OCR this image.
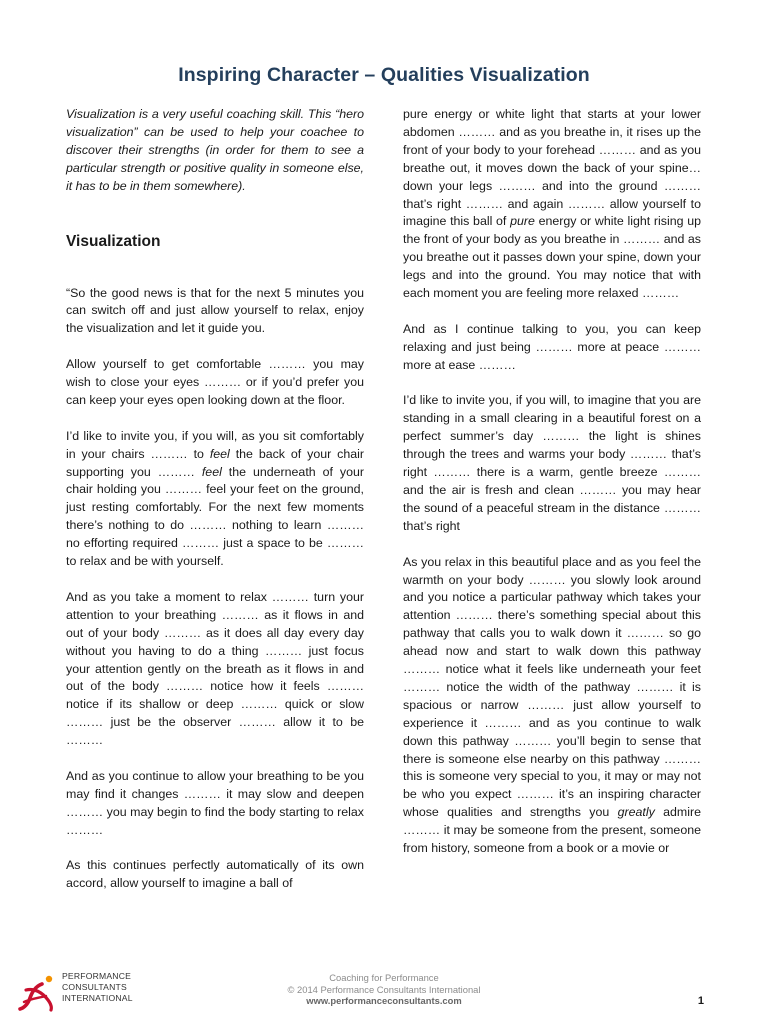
Inspiring Character – Qualities Visualization

Visualization is a very useful coaching skill. This “hero visualization” can be used to help your coachee to discover their strengths (in order for them to see a particular strength or positive quality in someone else, it has to be in them somewhere).

Visualization

“So the good news is that for the next 5 minutes you can switch off and just allow yourself to relax, enjoy the visualization and let it guide you.

Allow yourself to get comfortable ……… you may wish to close your eyes ……… or if you’d prefer you can keep your eyes open looking down at the floor.

I’d like to invite you, if you will, as you sit comfortably in your chairs ……… to feel the back of your chair supporting you ……… feel the underneath of your chair holding you ……… feel your feet on the ground, just resting comfortably. For the next few moments there’s nothing to do ……… nothing to learn ……… no efforting required ……… just a space to be ……… to relax and be with yourself.

And as you take a moment to relax ……… turn your attention to your breathing ……… as it flows in and out of your body ……… as it does all day every day without you having to do a thing ……… just focus your attention gently on the breath as it flows in and out of the body ……… notice how it feels ……… notice if its shallow or deep ……… quick or slow ……… just be the observer ……… allow it to be ………

And as you continue to allow your breathing to be you may find it changes ……… it may slow and deepen ……… you may begin to find the body starting to relax ………

As this continues perfectly automatically of its own accord, allow yourself to imagine a ball of

pure energy or white light that starts at your lower abdomen ……… and as you breathe in, it rises up the front of your body to your forehead ……… and as you breathe out, it moves down the back of your spine…down your legs ……… and into the ground ……… that’s right ……… and again ……… allow yourself to imagine this ball of pure energy or white light rising up the front of your body as you breathe in ……… and as you breathe out it passes down your spine, down your legs and into the ground. You may notice that with each moment you are feeling more relaxed ………

And as I continue talking to you, you can keep relaxing and just being ……… more at peace ……… more at ease ………

I’d like to invite you, if you will, to imagine that you are standing in a small clearing in a beautiful forest on a perfect summer’s day ……… the light is shines through the trees and warms your body ……… that’s right ……… there is a warm, gentle breeze ……… and the air is fresh and clean ……… you may hear the sound of a peaceful stream in the distance ……… that’s right

As you relax in this beautiful place and as you feel the warmth on your body ……… you slowly look around and you notice a particular pathway which takes your attention ……… there’s something special about this pathway that calls you to walk down it ……… so go ahead now and start to walk down this pathway ……… notice what it feels like underneath your feet ……… notice the width of the pathway ……… it is spacious or narrow ……… just allow yourself to experience it ……… and as you continue to walk down this pathway ……… you’ll begin to sense that there is someone else nearby on this pathway ……… this is someone very special to you, it may or may not be who you expect ……… it’s an inspiring character whose qualities and strengths you greatly admire ……… it may be someone from the present, someone from history, someone from a book or a movie or

PERFORMANCE
CONSULTANTS
INTERNATIONAL
Coaching for Performance
© 2014 Performance Consultants International
www.performanceconsultants.com	1
